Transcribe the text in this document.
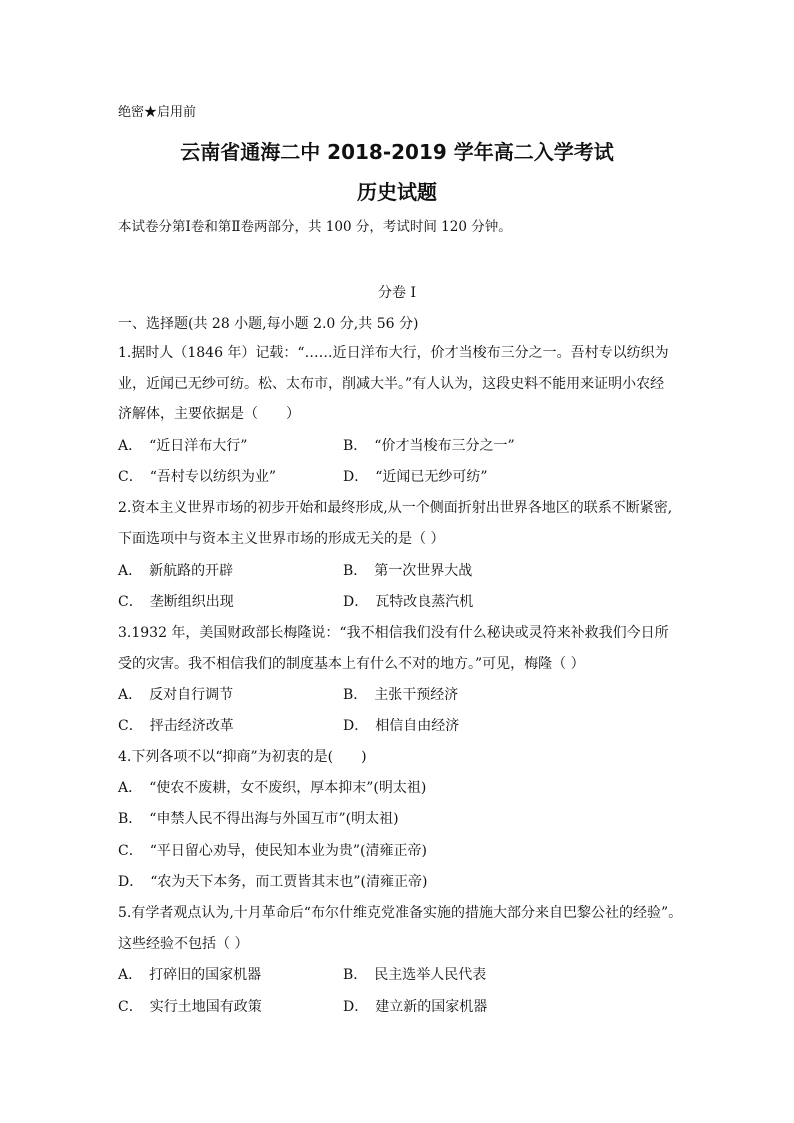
绝密★启用前
云南省通海二中 2018-2019 学年高二入学考试
历史试题
本试卷分第Ⅰ卷和第Ⅱ卷两部分，共 100 分，考试时间 120 分钟。
分卷 I
一、选择题(共 28 小题,每小题 2.0 分,共 56 分)
1.据时人（1846 年）记载：“……近日洋布大行，价才当梭布三分之一。吾村专以纺织为
业，近闻已无纱可纺。松、太布市，削减大半。”有人认为，这段史料不能用来证明小农经
济解体，主要依据是（　　）
A．　“近日洋布大行”	B．　“价才当梭布三分之一”
C．　“吾村专以纺织为业”	D．　“近闻已无纱可纺”
2.资本主义世界市场的初步开始和最终形成,从一个侧面折射出世界各地区的联系不断紧密,
下面选项中与资本主义世界市场的形成无关的是（ ）
A．　新航路的开辟	B．　第一次世界大战
C．　垄断组织出现	D．　瓦特改良蒸汽机
3.1932 年，美国财政部长梅隆说：“我不相信我们没有什么秘诀或灵符来补救我们今日所
受的灾害。我不相信我们的制度基本上有什么不对的地方。”可见，梅隆（ ）
A．　反对自行调节	B．　主张干预经济
C．　抨击经济改革	D．　相信自由经济
4.下列各项不以“抑商”为初衷的是(　　)
A．　“使农不废耕，女不废织，厚本抑末”(明太祖)
B．　“申禁人民不得出海与外国互市”(明太祖)
C．　“平日留心劝导，使民知本业为贵”(清雍正帝)
D．　“农为天下本务，而工贾皆其末也”(清雍正帝)
5.有学者观点认为,十月革命后“布尔什维克党准备实施的措施大部分来自巴黎公社的经验”。
这些经验不包括（ ）
A．　打碎旧的国家机器	B．　民主选举人民代表
C．　实行土地国有政策	D．　建立新的国家机器
